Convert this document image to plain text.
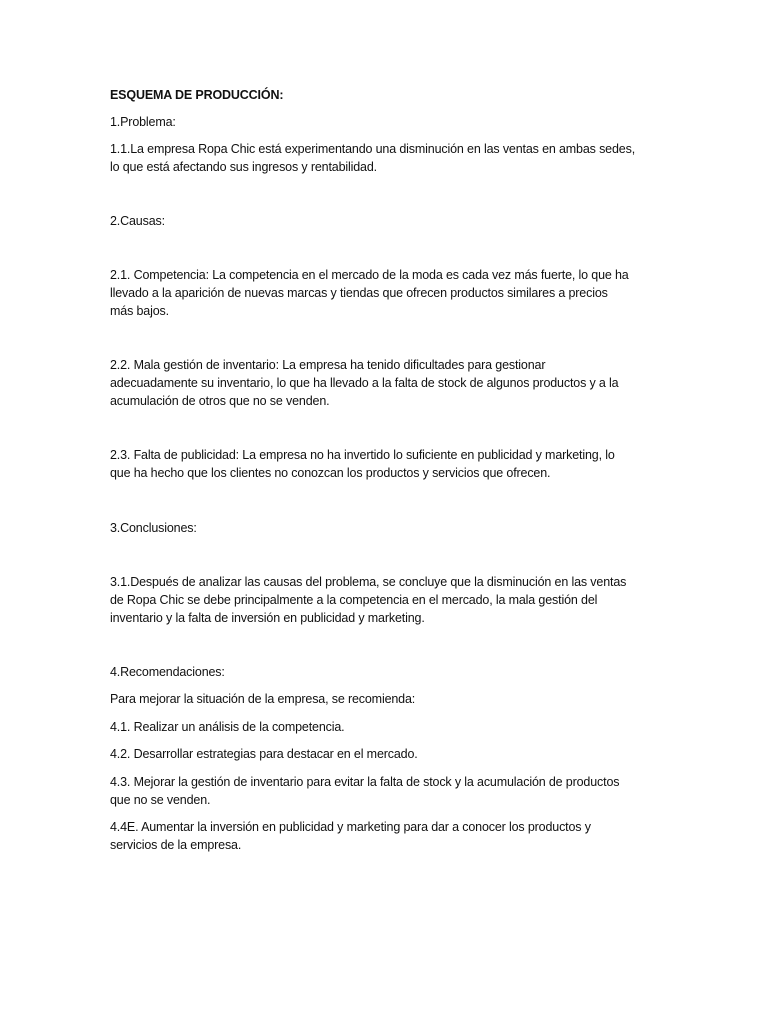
ESQUEMA DE PRODUCCIÓN:
1.Problema:
1.1.La empresa Ropa Chic está experimentando una disminución en las ventas en ambas sedes,
lo que está afectando sus ingresos y rentabilidad.
2.Causas:
2.1. Competencia: La competencia en el mercado de la moda es cada vez más fuerte, lo que ha
llevado a la aparición de nuevas marcas y tiendas que ofrecen productos similares a precios
más bajos.
2.2. Mala gestión de inventario: La empresa ha tenido dificultades para gestionar
adecuadamente su inventario, lo que ha llevado a la falta de stock de algunos productos y a la
acumulación de otros que no se venden.
2.3. Falta de publicidad: La empresa no ha invertido lo suficiente en publicidad y marketing, lo
que ha hecho que los clientes no conozcan los productos y servicios que ofrecen.
3.Conclusiones:
3.1.Después de analizar las causas del problema, se concluye que la disminución en las ventas
de Ropa Chic se debe principalmente a la competencia en el mercado, la mala gestión del
inventario y la falta de inversión en publicidad y marketing.
4.Recomendaciones:
Para mejorar la situación de la empresa, se recomienda:
4.1. Realizar un análisis de la competencia.
4.2. Desarrollar estrategias para destacar en el mercado.
4.3. Mejorar la gestión de inventario para evitar la falta de stock y la acumulación de productos
que no se venden.
4.4E. Aumentar la inversión en publicidad y marketing para dar a conocer los productos y
servicios de la empresa.
